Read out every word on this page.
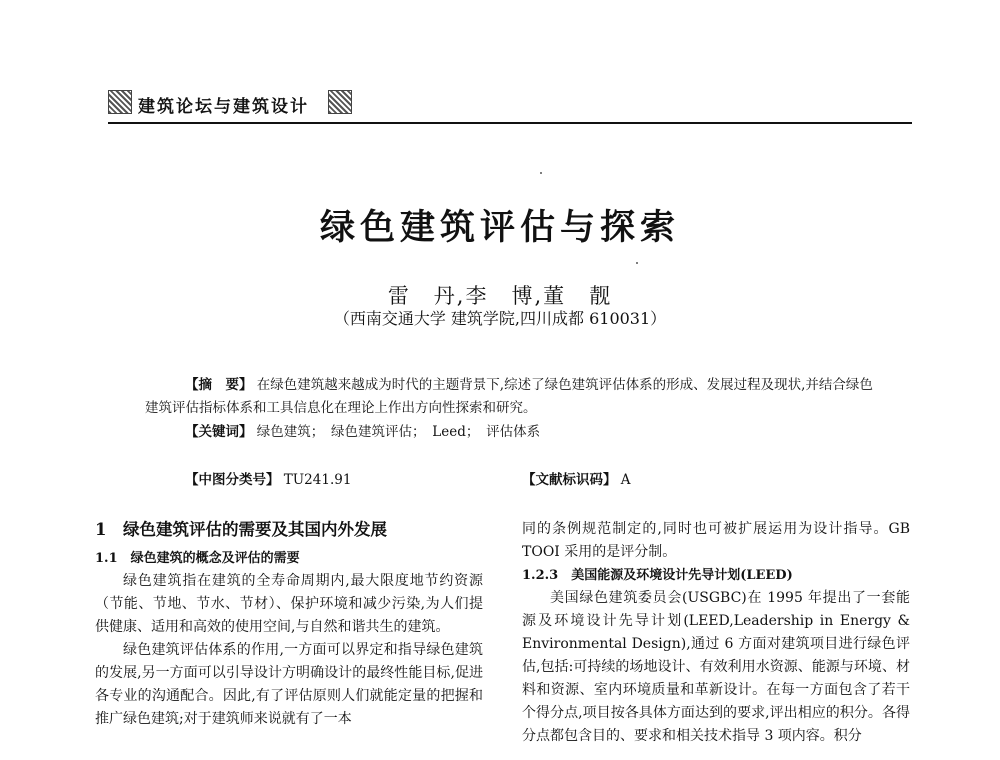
建筑论坛与建筑设计
绿色建筑评估与探索
雷　丹,李　博,董　靓
（西南交通大学 建筑学院,四川成都 610031）
【摘　要】 在绿色建筑越来越成为时代的主题背景下,综述了绿色建筑评估体系的形成、发展过程及现状,并结合绿色建筑评估指标体系和工具信息化在理论上作出方向性探索和研究。
【关键词】 绿色建筑；　绿色建筑评估；　Leed；　评估体系
【中图分类号】 TU241.91	【文献标识码】 A
1　绿色建筑评估的需要及其国内外发展
1.1　绿色建筑的概念及评估的需要

绿色建筑指在建筑的全寿命周期内,最大限度地节约资源（节能、节地、节水、节材）、保护环境和减少污染,为人们提供健康、适用和高效的使用空间,与自然和谐共生的建筑。

绿色建筑评估体系的作用,一方面可以界定和指导绿色建筑的发展,另一方面可以引导设计方明确设计的最终性能目标,促进各专业的沟通配合。因此,有了评估原则人们就能定量的把握和推广绿色建筑;对于建筑师来说就有了一本

同的条例规范制定的,同时也可被扩展运用为设计指导。GB TOOI 采用的是评分制。

1.2.3　美国能源及环境设计先导计划(LEED)

美国绿色建筑委员会(USGBC)在 1995 年提出了一套能源及环境设计先导计划(LEED,Leadership in Energy & Environmental Design),通过 6 方面对建筑项目进行绿色评估,包括:可持续的场地设计、有效利用水资源、能源与环境、材料和资源、室内环境质量和革新设计。在每一方面包含了若干个得分点,项目按各具体方面达到的要求,评出相应的积分。各得分点都包含目的、要求和相关技术指导 3 项内容。积分
